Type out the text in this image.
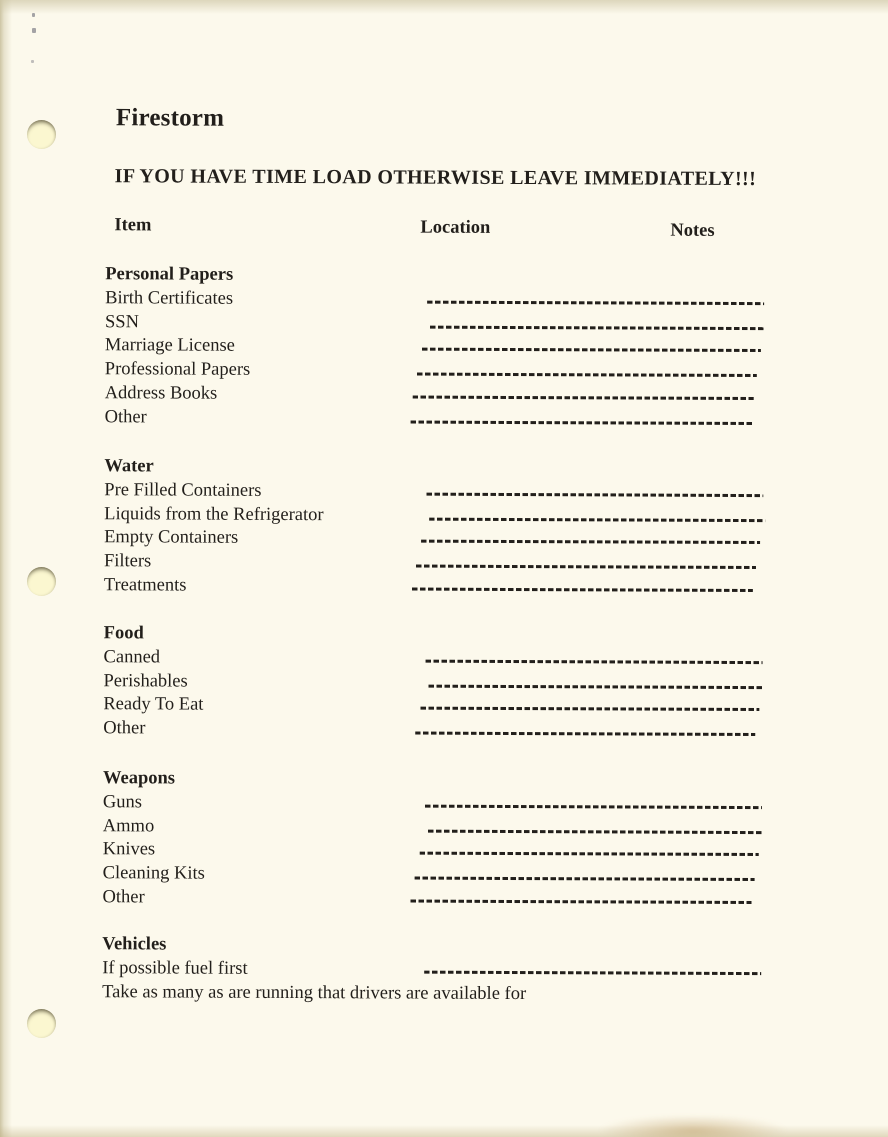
Firestorm
IF YOU HAVE TIME LOAD OTHERWISE LEAVE IMMEDIATELY!!!
Item	Location	Notes
Personal Papers
Birth Certificates
SSN
Marriage License
Professional Papers
Address Books
Other
Water
Pre Filled Containers
Liquids from the Refrigerator
Empty Containers
Filters
Treatments
Food
Canned
Perishables
Ready To Eat
Other
Weapons
Guns
Ammo
Knives
Cleaning Kits
Other
Vehicles
If possible fuel first
Take as many as are running that drivers are available for
